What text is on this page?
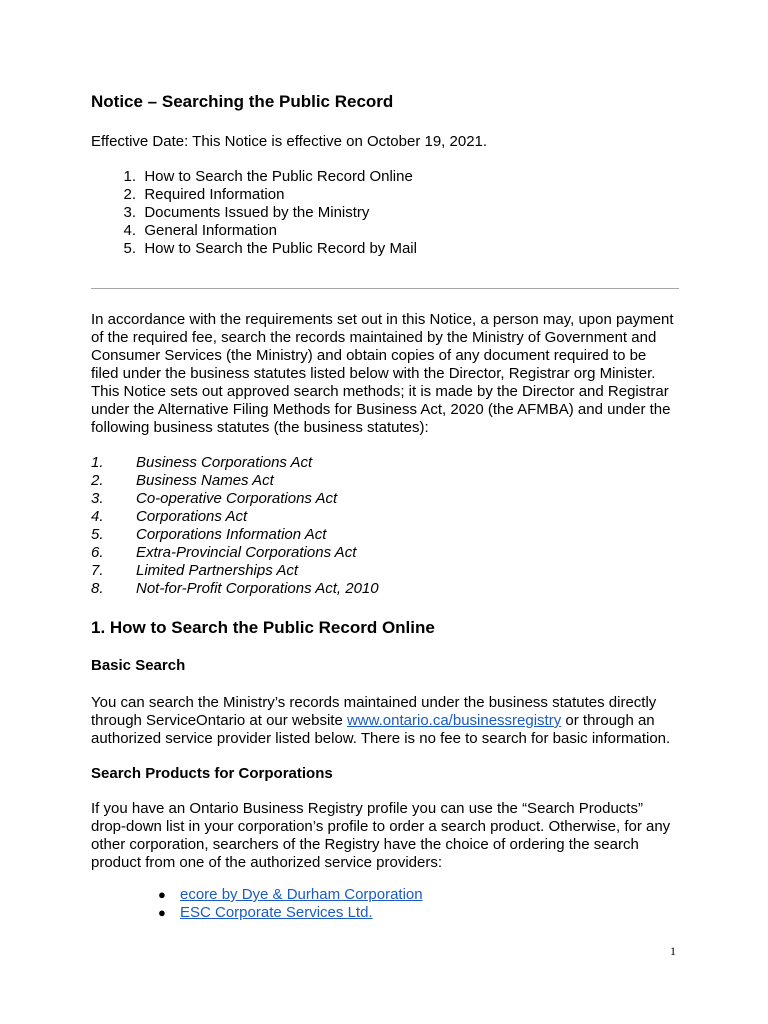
Notice – Searching the Public Record
Effective Date: This Notice is effective on October 19, 2021.
1. How to Search the Public Record Online
2. Required Information
3. Documents Issued by the Ministry
4. General Information
5. How to Search the Public Record by Mail
In accordance with the requirements set out in this Notice, a person may, upon payment
of the required fee, search the records maintained by the Ministry of Government and
Consumer Services (the Ministry) and obtain copies of any document required to be
filed under the business statutes listed below with the Director, Registrar org Minister.
This Notice sets out approved search methods; it is made by the Director and Registrar
under the Alternative Filing Methods for Business Act, 2020 (the AFMBA) and under the
following business statutes (the business statutes):
1. Business Corporations Act
2. Business Names Act
3. Co-operative Corporations Act
4. Corporations Act
5. Corporations Information Act
6. Extra-Provincial Corporations Act
7. Limited Partnerships Act
8. Not-for-Profit Corporations Act, 2010
1. How to Search the Public Record Online
Basic Search
You can search the Ministry’s records maintained under the business statutes directly
through ServiceOntario at our website www.ontario.ca/businessregistry or through an
authorized service provider listed below. There is no fee to search for basic information.
Search Products for Corporations
If you have an Ontario Business Registry profile you can use the “Search Products”
drop-down list in your corporation’s profile to order a search product. Otherwise, for any
other corporation, searchers of the Registry have the choice of ordering the search
product from one of the authorized service providers:
● ecore by Dye & Durham Corporation
● ESC Corporate Services Ltd.
1
